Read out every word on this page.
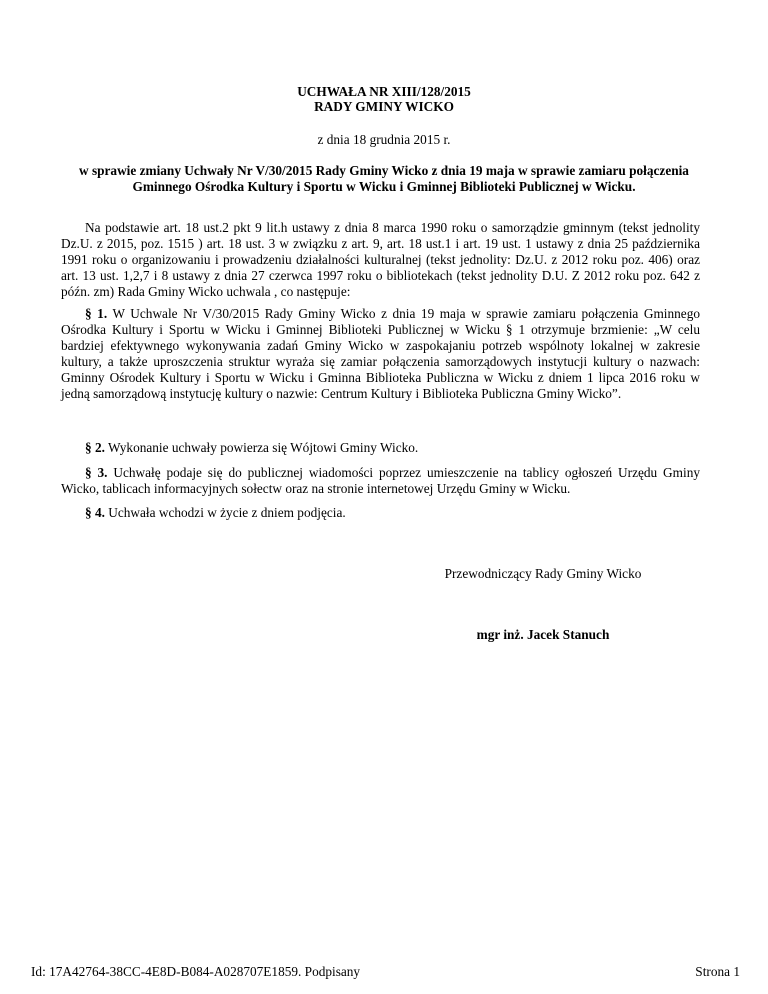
UCHWAŁA NR XIII/128/2015
RADY GMINY WICKO
z dnia 18 grudnia 2015 r.
w sprawie zmiany Uchwały Nr V/30/2015 Rady Gminy Wicko z dnia 19 maja w sprawie zamiaru połączenia Gminnego Ośrodka Kultury i Sportu w Wicku i Gminnej Biblioteki Publicznej w Wicku.
Na podstawie art. 18 ust.2 pkt 9 lit.h ustawy z dnia 8 marca 1990 roku o samorządzie gminnym (tekst jednolity Dz.U. z 2015, poz. 1515 ) art. 18 ust. 3 w związku z art. 9, art. 18 ust.1 i art. 19 ust. 1 ustawy z dnia 25 października 1991 roku o organizowaniu i prowadzeniu działalności kulturalnej (tekst jednolity: Dz.U. z 2012 roku poz. 406) oraz art. 13 ust. 1,2,7 i 8 ustawy z dnia 27 czerwca 1997 roku o bibliotekach (tekst jednolity D.U. Z 2012 roku poz. 642 z późn. zm) Rada Gminy Wicko uchwala , co następuje:
§ 1. W Uchwale Nr V/30/2015 Rady Gminy Wicko z dnia 19 maja w sprawie zamiaru połączenia Gminnego Ośrodka Kultury i Sportu w Wicku i Gminnej Biblioteki Publicznej w Wicku § 1 otrzymuje brzmienie: „W celu bardziej efektywnego wykonywania zadań Gminy Wicko w zaspokajaniu potrzeb wspólnoty lokalnej w zakresie kultury, a także uproszczenia struktur wyraża się zamiar połączenia samorządowych instytucji kultury o nazwach: Gminny Ośrodek Kultury i Sportu w Wicku i Gminna Biblioteka Publiczna w Wicku z dniem 1 lipca 2016 roku w jedną samorządową instytucję kultury o nazwie: Centrum Kultury i Biblioteka Publiczna Gminy Wicko”.
§ 2. Wykonanie uchwały powierza się Wójtowi Gminy Wicko.
§ 3. Uchwałę podaje się do publicznej wiadomości poprzez umieszczenie na tablicy ogłoszeń Urzędu Gminy Wicko, tablicach informacyjnych sołectw oraz na stronie internetowej Urzędu Gminy w Wicku.
§ 4. Uchwała wchodzi w życie z dniem podjęcia.
Przewodniczący Rady Gminy Wicko
mgr inż. Jacek Stanuch
Id: 17A42764-38CC-4E8D-B084-A028707E1859. Podpisany	Strona 1
